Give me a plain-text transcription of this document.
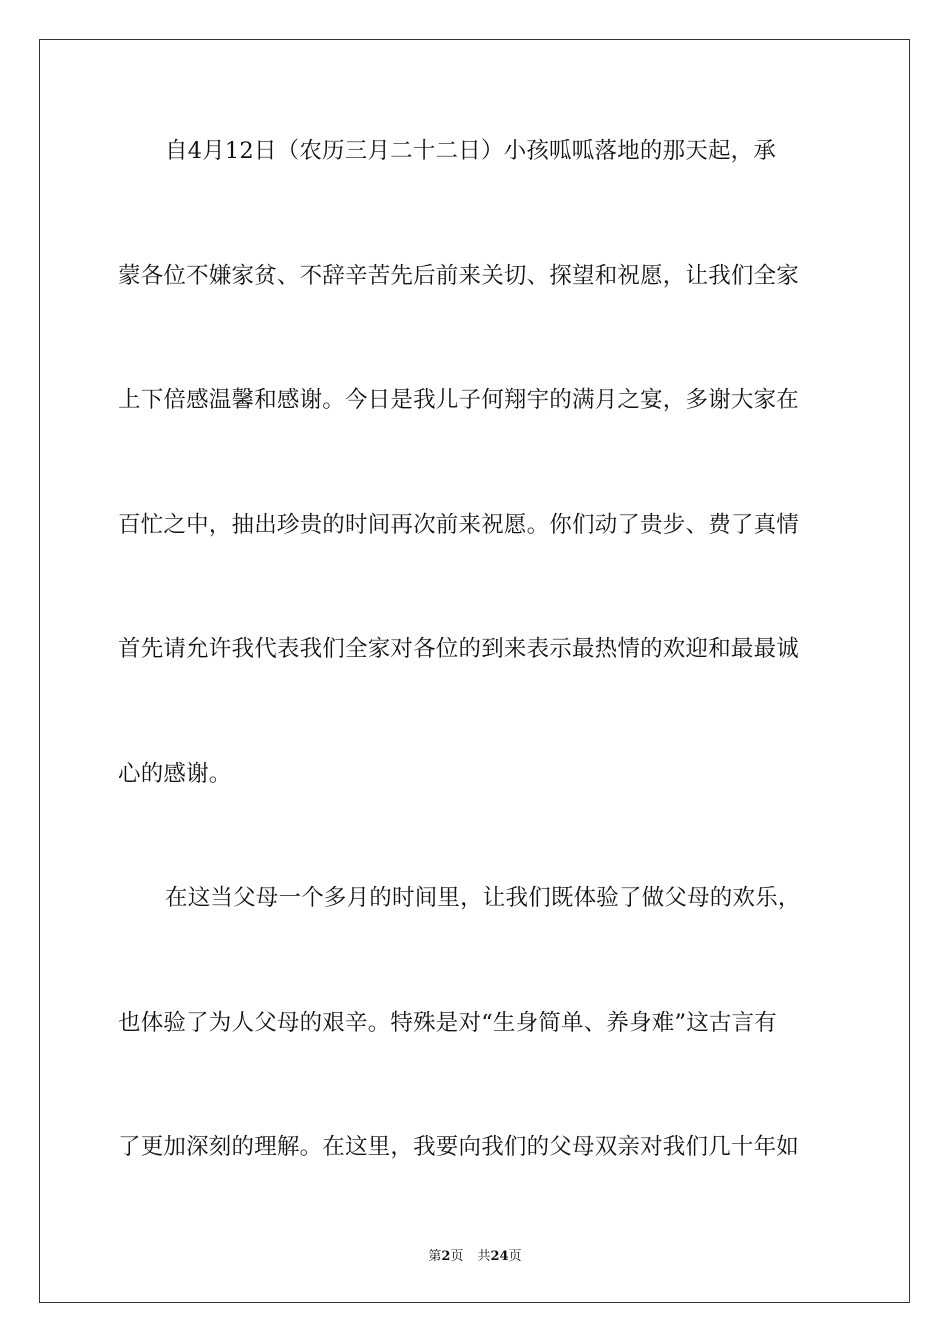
自4月12日（农历三月二十二日）小孩呱呱落地的那天起，承
蒙各位不嫌家贫、不辞辛苦先后前来关切、探望和祝愿，让我们全家
上下倍感温馨和感谢。今日是我儿子何翔宇的满月之宴，多谢大家在
百忙之中，抽出珍贵的时间再次前来祝愿。你们动了贵步、费了真情
首先请允许我代表我们全家对各位的到来表示最热情的欢迎和最最诚
心的感谢。
在这当父母一个多月的时间里，让我们既体验了做父母的欢乐，
也体验了为人父母的艰辛。特殊是对“生身简单、养身难”这古言有
了更加深刻的理解。在这里，我要向我们的父母双亲对我们几十年如
第2页 共24页
